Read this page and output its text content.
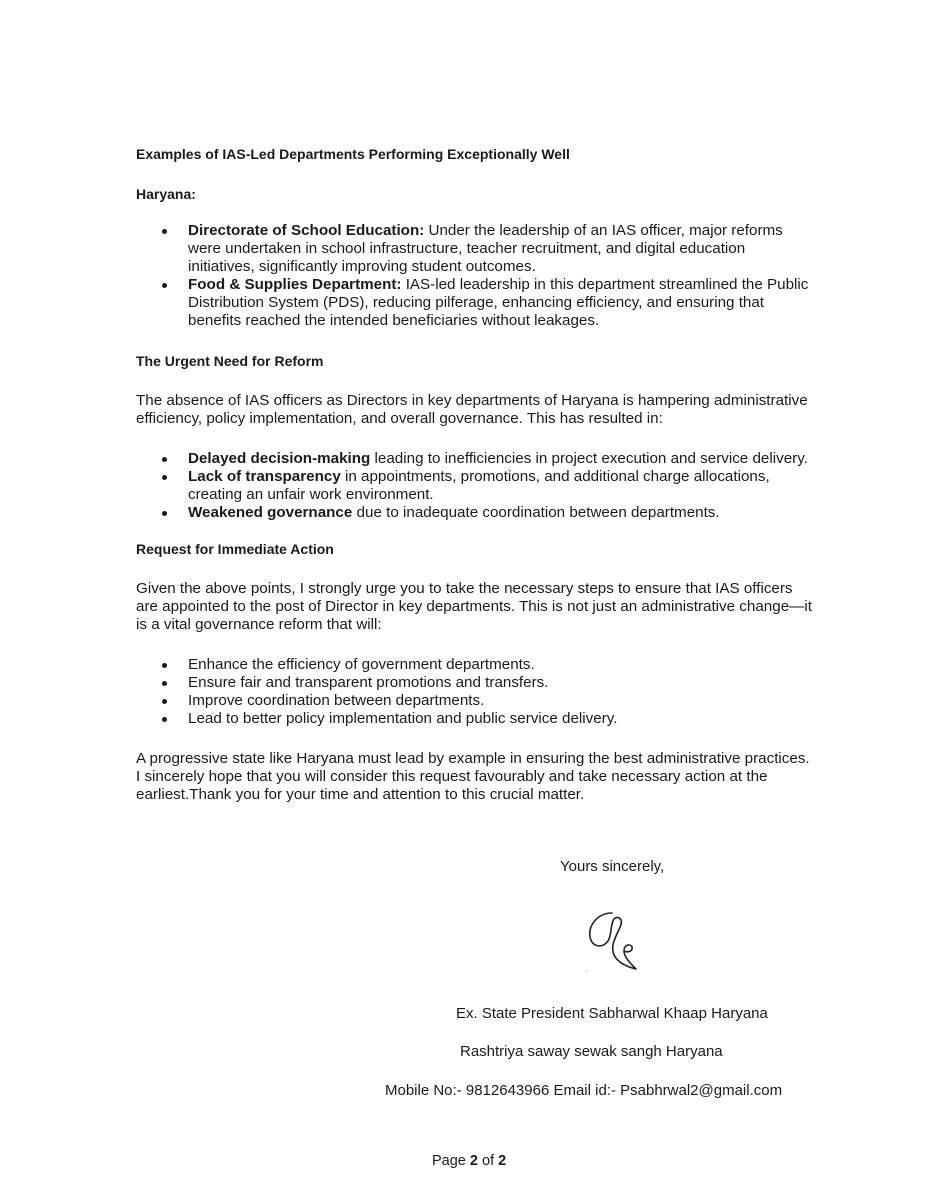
Examples of IAS-Led Departments Performing Exceptionally Well

Haryana:

Directorate of School Education: Under the leadership of an IAS officer, major reforms were undertaken in school infrastructure, teacher recruitment, and digital education initiatives, significantly improving student outcomes.
Food & Supplies Department: IAS-led leadership in this department streamlined the Public Distribution System (PDS), reducing pilferage, enhancing efficiency, and ensuring that benefits reached the intended beneficiaries without leakages.

The Urgent Need for Reform

The absence of IAS officers as Directors in key departments of Haryana is hampering administrative efficiency, policy implementation, and overall governance. This has resulted in:

Delayed decision-making leading to inefficiencies in project execution and service delivery.
Lack of transparency in appointments, promotions, and additional charge allocations, creating an unfair work environment.
Weakened governance due to inadequate coordination between departments.

Request for Immediate Action

Given the above points, I strongly urge you to take the necessary steps to ensure that IAS officers are appointed to the post of Director in key departments. This is not just an administrative change—it is a vital governance reform that will:

Enhance the efficiency of government departments.
Ensure fair and transparent promotions and transfers.
Improve coordination between departments.
Lead to better policy implementation and public service delivery.

A progressive state like Haryana must lead by example in ensuring the best administrative practices. I sincerely hope that you will consider this request favourably and take necessary action at the earliest.Thank you for your time and attention to this crucial matter.

Yours sincerely,
Ex. State President Sabharwal Khaap Haryana
Rashtriya saway sewak sangh Haryana
Mobile No:- 9812643966 Email id:- Psabhrwal2@gmail.com
Page 2 of 2
